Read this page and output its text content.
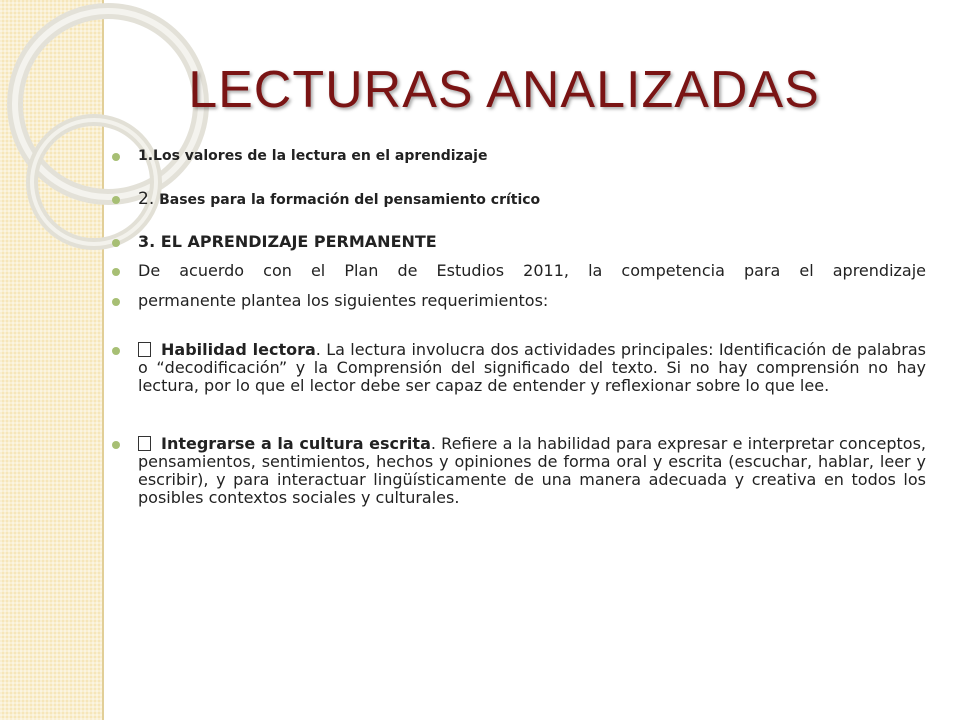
LECTURAS ANALIZADAS
1.Los valores de la lectura en el aprendizaje
2. Bases para la formación del pensamiento crítico
3. EL APRENDIZAJE PERMANENTE
De acuerdo con el Plan de Estudios 2011, la competencia para el aprendizaje
permanente plantea los siguientes requerimientos:
Habilidad lectora. La lectura involucra dos actividades principales: Identificación de palabras o “decodificación” y la Comprensión del significado del texto. Si no hay comprensión no hay lectura, por lo que el lector debe ser capaz de entender y reflexionar sobre lo que lee.
Integrarse a la cultura escrita. Refiere a la habilidad para expresar e interpretar conceptos, pensamientos, sentimientos, hechos y opiniones de forma oral y escrita (escuchar, hablar, leer y escribir), y para interactuar lingüísticamente de una manera adecuada y creativa en todos los posibles contextos sociales y culturales.
